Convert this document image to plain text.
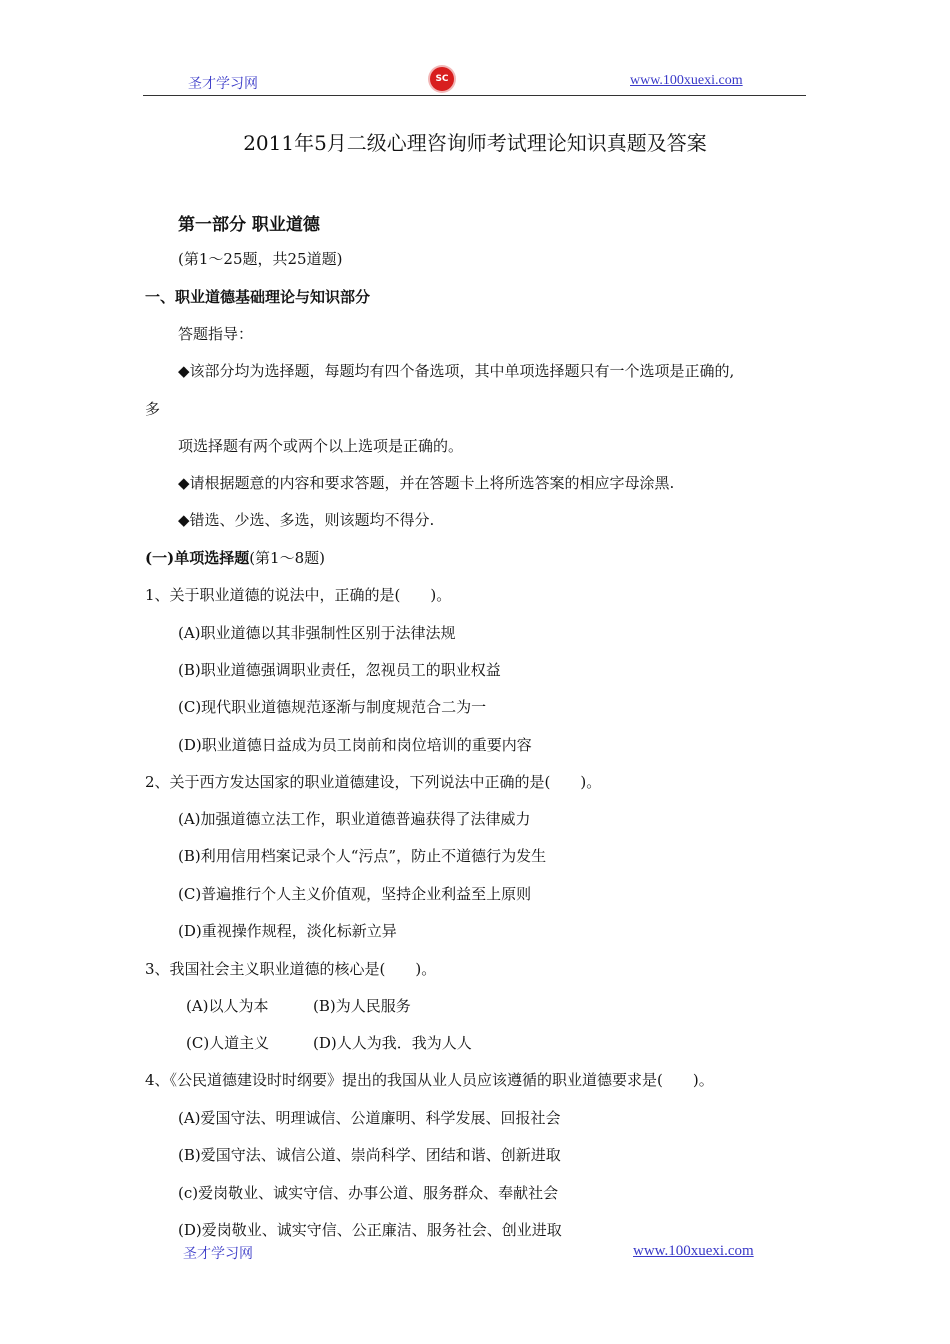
圣才学习网	SC	www.100xuexi.com
2011年5月二级心理咨询师考试理论知识真题及答案
第一部分 职业道德
(第1～25题，共25道题)
一、职业道德基础理论与知识部分
答题指导：
◆该部分均为选择题，每题均有四个备选项，其中单项选择题只有一个选项是正确的,
多
项选择题有两个或两个以上选项是正确的。
◆请根据题意的内容和要求答题，并在答题卡上将所选答案的相应字母涂黑.
◆错选、少选、多选，则该题均不得分.
(一)单项选择题(第1～8题)
1、关于职业道德的说法中，正确的是(　　)。
(A)职业道德以其非强制性区别于法律法规
(B)职业道德强调职业责任，忽视员工的职业权益
(C)现代职业道德规范逐渐与制度规范合二为一
(D)职业道德日益成为员工岗前和岗位培训的重要内容
2、关于西方发达国家的职业道德建设，下列说法中正确的是(　　)。
(A)加强道德立法工作，职业道德普遍获得了法律威力
(B)利用信用档案记录个人“污点”，防止不道德行为发生
(C)普遍推行个人主义价值观，坚持企业利益至上原则
(D)重视操作规程，淡化标新立异
3、我国社会主义职业道德的核心是(　　)。
(A)以人为本	(B)为人民服务
(C)人道主义	(D)人人为我．我为人人
4、《公民道德建设时时纲要》提出的我国从业人员应该遵循的职业道德要求是(　　)。
(A)爱国守法、明理诚信、公道廉明、科学发展、回报社会
(B)爱国守法、诚信公道、崇尚科学、团结和谐、创新进取
(c)爱岗敬业、诚实守信、办事公道、服务群众、奉献社会
(D)爱岗敬业、诚实守信、公正廉洁、服务社会、创业进取
圣才学习网	www.100xuexi.com
